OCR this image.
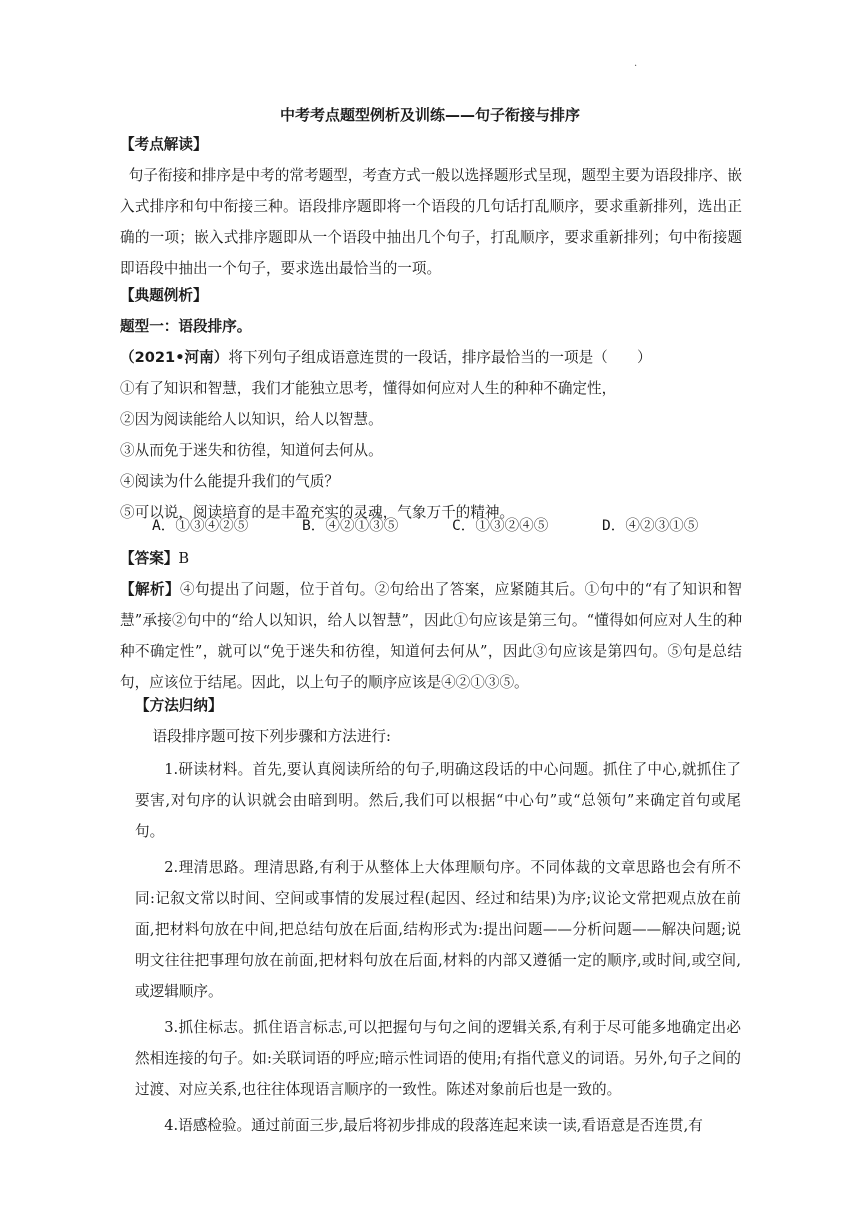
.
中考考点题型例析及训练——句子衔接与排序
【考点解读】
句子衔接和排序是中考的常考题型，考查方式一般以选择题形式呈现，题型主要为语段排序、嵌入式排序和句中衔接三种。语段排序题即将一个语段的几句话打乱顺序，要求重新排列，选出正确的一项；嵌入式排序题即从一个语段中抽出几个句子，打乱顺序，要求重新排列；句中衔接题即语段中抽出一个句子，要求选出最恰当的一项。
【典题例析】
题型一：语段排序。
（2021•河南）将下列句子组成语意连贯的一段话，排序最恰当的一项是（　　）
①有了知识和智慧，我们才能独立思考，懂得如何应对人生的种种不确定性，
②因为阅读能给人以知识，给人以智慧。
③从而免于迷失和彷徨，知道何去何从。
④阅读为什么能提升我们的气质？
⑤可以说，阅读培育的是丰盈充实的灵魂，气象万千的精神。
A．①③④②⑤	B．④②①③⑤	C．①③②④⑤	D．④②③①⑤
【答案】B
【解析】④句提出了问题，位于首句。②句给出了答案，应紧随其后。①句中的“有了知识和智慧”承接②句中的“给人以知识，给人以智慧”，因此①句应该是第三句。“懂得如何应对人生的种种不确定性”，就可以“免于迷失和彷徨，知道何去何从”，因此③句应该是第四句。⑤句是总结句，应该位于结尾。因此，以上句子的顺序应该是④②①③⑤。
【方法归纳】
语段排序题可按下列步骤和方法进行:
1.研读材料。首先,要认真阅读所给的句子,明确这段话的中心问题。抓住了中心,就抓住了要害,对句序的认识就会由暗到明。然后,我们可以根据“中心句”或“总领句”来确定首句或尾句。
2.理清思路。理清思路,有利于从整体上大体理顺句序。不同体裁的文章思路也会有所不同:记叙文常以时间、空间或事情的发展过程(起因、经过和结果)为序;议论文常把观点放在前面,把材料句放在中间,把总结句放在后面,结构形式为:提出问题——分析问题——解决问题;说明文往往把事理句放在前面,把材料句放在后面,材料的内部又遵循一定的顺序,或时间,或空间,或逻辑顺序。
3.抓住标志。抓住语言标志,可以把握句与句之间的逻辑关系,有利于尽可能多地确定出必然相连接的句子。如:关联词语的呼应;暗示性词语的使用;有指代意义的词语。另外,句子之间的过渡、对应关系,也往往体现语言顺序的一致性。陈述对象前后也是一致的。
4.语感检验。通过前面三步,最后将初步排成的段落连起来读一读,看语意是否连贯,有
